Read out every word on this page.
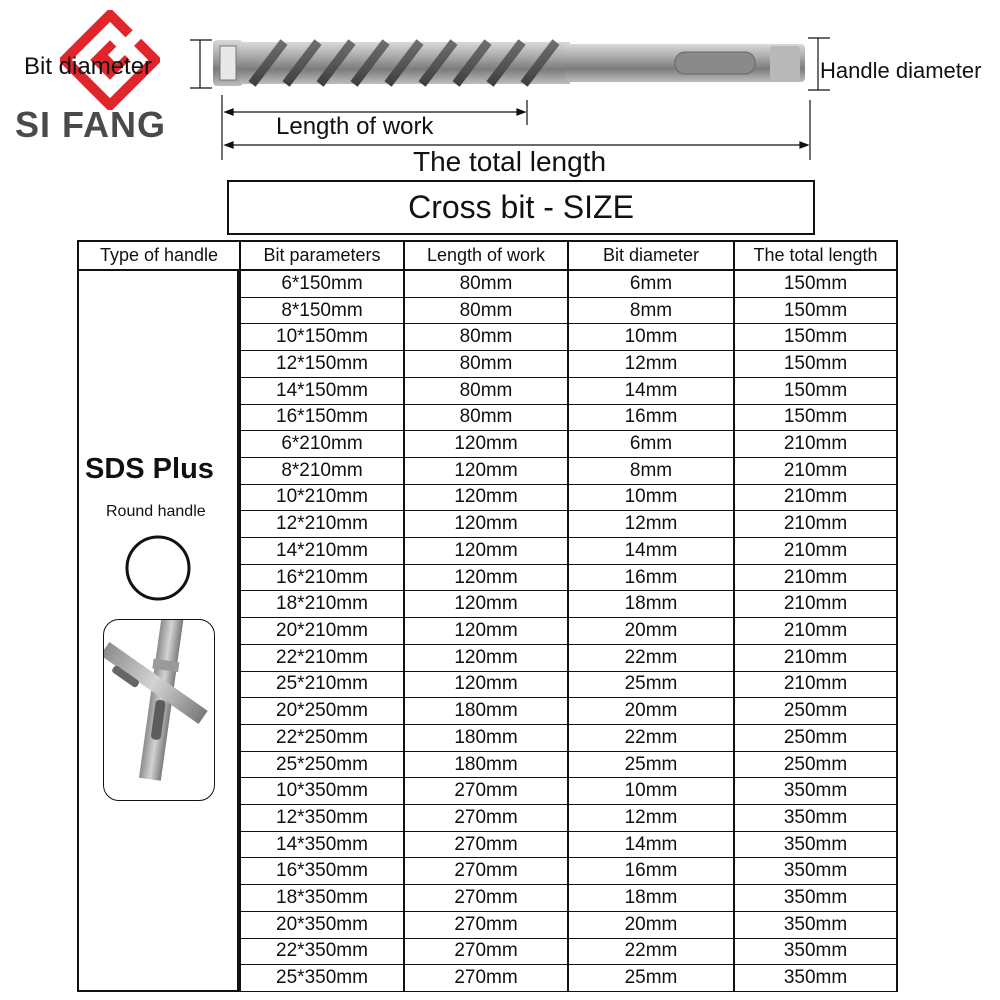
Bit diameter
SI FANG
Handle diameter
Length of work
The total length
Cross bit - SIZE
Type of handle	Bit parameters	Length of work	Bit diameter	The total length
SDS Plus
Round handle
6*150mm	80mm	6mm	150mm
8*150mm	80mm	8mm	150mm
10*150mm	80mm	10mm	150mm
12*150mm	80mm	12mm	150mm
14*150mm	80mm	14mm	150mm
16*150mm	80mm	16mm	150mm
6*210mm	120mm	6mm	210mm
8*210mm	120mm	8mm	210mm
10*210mm	120mm	10mm	210mm
12*210mm	120mm	12mm	210mm
14*210mm	120mm	14mm	210mm
16*210mm	120mm	16mm	210mm
18*210mm	120mm	18mm	210mm
20*210mm	120mm	20mm	210mm
22*210mm	120mm	22mm	210mm
25*210mm	120mm	25mm	210mm
20*250mm	180mm	20mm	250mm
22*250mm	180mm	22mm	250mm
25*250mm	180mm	25mm	250mm
10*350mm	270mm	10mm	350mm
12*350mm	270mm	12mm	350mm
14*350mm	270mm	14mm	350mm
16*350mm	270mm	16mm	350mm
18*350mm	270mm	18mm	350mm
20*350mm	270mm	20mm	350mm
22*350mm	270mm	22mm	350mm
25*350mm	270mm	25mm	350mm
